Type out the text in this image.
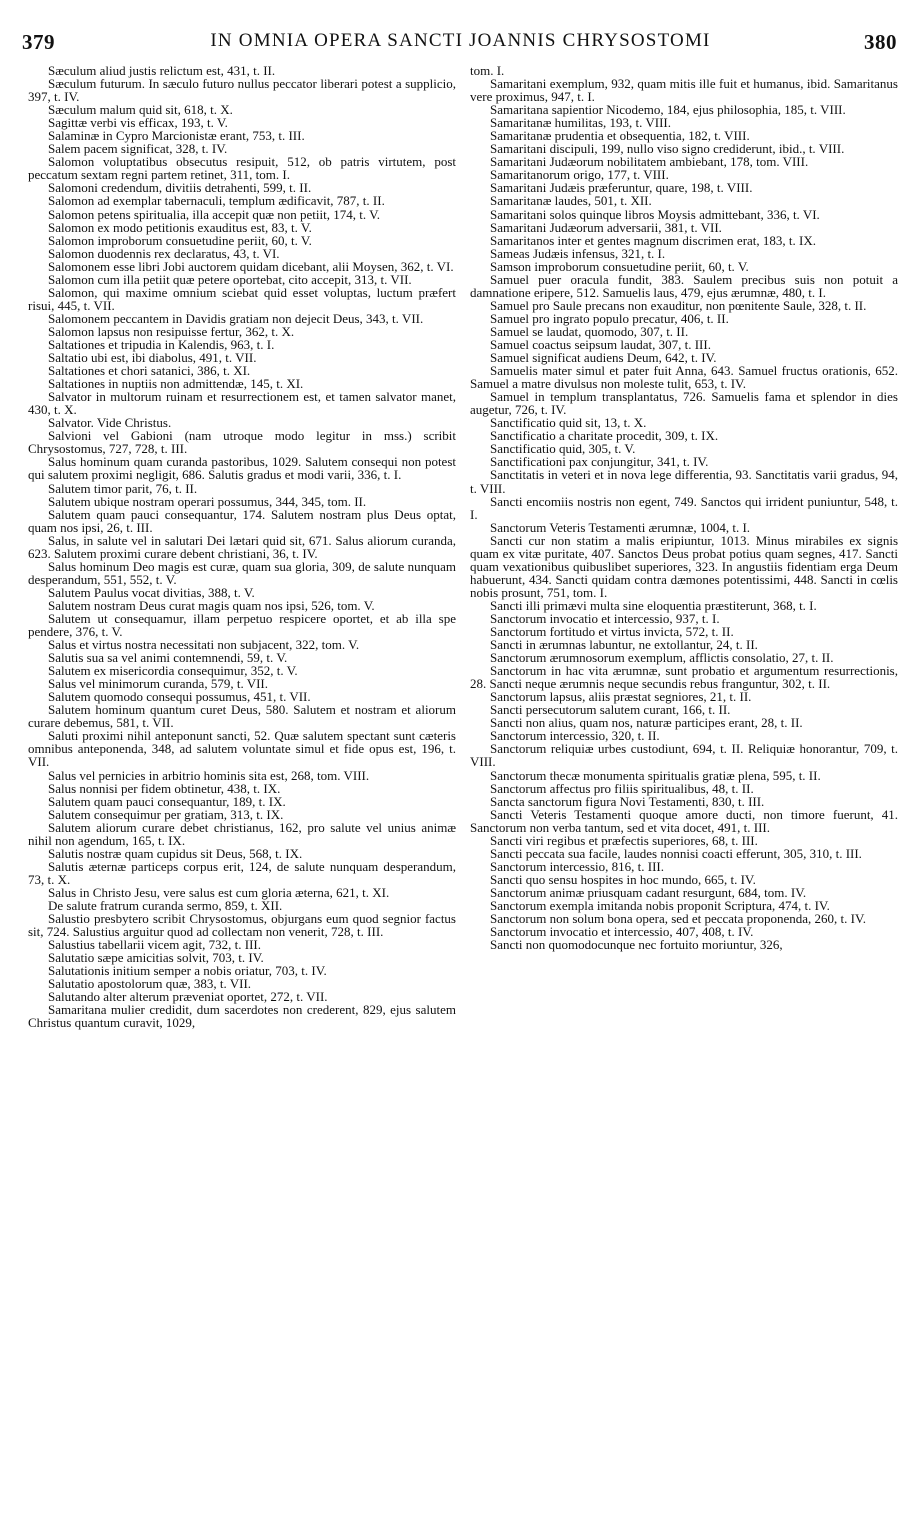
379	IN OMNIA OPERA SANCTI JOANNIS CHRYSOSTOMI	380

Sæculum aliud justis relictum est, 431, t. II.

Sæculum futurum. In sæculo futuro nullus peccator liberari potest a supplicio, 397, t. IV.

Sæculum malum quid sit, 618, t. X.

Sagittæ verbi vis efficax, 193, t. V.

Salaminæ in Cypro Marcionistæ erant, 753, t. III.

Salem pacem significat, 328, t. IV.

Salomon voluptatibus obsecutus resipuit, 512, ob patris virtutem, post peccatum sextam regni partem retinet, 311, tom. I.

Salomoni credendum, divitiis detrahenti, 599, t. II.

Salomon ad exemplar tabernaculi, templum ædificavit, 787, t. II.

Salomon petens spiritualia, illa accepit quæ non petiit, 174, t. V.

Salomon ex modo petitionis exauditus est, 83, t. V.

Salomon improborum consuetudine periit, 60, t. V.

Salomon duodennis rex declaratus, 43, t. VI.

Salomonem esse libri Jobi auctorem quidam dicebant, alii Moysen, 362, t. VI.

Salomon cum illa petiit quæ petere oportebat, cito accepit, 313, t. VII.

Salomon, qui maxime omnium sciebat quid esset voluptas, luctum præfert risui, 445, t. VII.

Salomonem peccantem in Davidis gratiam non dejecit Deus, 343, t. VII.

Salomon lapsus non resipuisse fertur, 362, t. X.

Saltationes et tripudia in Kalendis, 963, t. I.

Saltatio ubi est, ibi diabolus, 491, t. VII.

Saltationes et chori satanici, 386, t. XI.

Saltationes in nuptiis non admittendæ, 145, t. XI.

Salvator in multorum ruinam et resurrectionem est, et tamen salvator manet, 430, t. X.

Salvator. Vide Christus.

Salvioni vel Gabioni (nam utroque modo legitur in mss.) scribit Chrysostomus, 727, 728, t. III.

Salus hominum quam curanda pastoribus, 1029. Salutem consequi non potest qui salutem proximi negligit, 686. Salutis gradus et modi varii, 336, t. I.

Salutem timor parit, 76, t. II.

Salutem ubique nostram operari possumus, 344, 345, tom. II.

Salutem quam pauci consequantur, 174. Salutem nostram plus Deus optat, quam nos ipsi, 26, t. III.

Salus, in salute vel in salutari Dei lætari quid sit, 671. Salus aliorum curanda, 623. Salutem proximi curare debent christiani, 36, t. IV.

Salus hominum Deo magis est curæ, quam sua gloria, 309, de salute nunquam desperandum, 551, 552, t. V.

Salutem Paulus vocat divitias, 388, t. V.

Salutem nostram Deus curat magis quam nos ipsi, 526, tom. V.

Salutem ut consequamur, illam perpetuo respicere oportet, et ab illa spe pendere, 376, t. V.

Salus et virtus nostra necessitati non subjacent, 322, tom. V.

Salutis sua sa vel animi contemnendi, 59, t. V.

Salutem ex misericordia consequimur, 352, t. V.

Salus vel minimorum curanda, 579, t. VII.

Salutem quomodo consequi possumus, 451, t. VII.

Salutem hominum quantum curet Deus, 580. Salutem et nostram et aliorum curare debemus, 581, t. VII.

Saluti proximi nihil anteponunt sancti, 52. Quæ salutem spectant sunt cæteris omnibus anteponenda, 348, ad salutem voluntate simul et fide opus est, 196, t. VII.

Salus vel pernicies in arbitrio hominis sita est, 268, tom. VIII.

Salus nonnisi per fidem obtinetur, 438, t. IX.

Salutem quam pauci consequantur, 189, t. IX.

Salutem consequimur per gratiam, 313, t. IX.

Salutem aliorum curare debet christianus, 162, pro salute vel unius animæ nihil non agendum, 165, t. IX.

Salutis nostræ quam cupidus sit Deus, 568, t. IX.

Salutis æternæ particeps corpus erit, 124, de salute nunquam desperandum, 73, t. X.

Salus in Christo Jesu, vere salus est cum gloria æterna, 621, t. XI.

De salute fratrum curanda sermo, 859, t. XII.

Salustio presbytero scribit Chrysostomus, objurgans eum quod segnior factus sit, 724. Salustius arguitur quod ad collectam non venerit, 728, t. III.

Salustius tabellarii vicem agit, 732, t. III.

Salutatio sæpe amicitias solvit, 703, t. IV.

Salutationis initium semper a nobis oriatur, 703, t. IV.

Salutatio apostolorum quæ, 383, t. VII.

Salutando alter alterum præveniat oportet, 272, t. VII.

Samaritana mulier credidit, dum sacerdotes non crederent, 829, ejus salutem Christus quantum curavit, 1029,

tom. I.

Samaritani exemplum, 932, quam mitis ille fuit et humanus, ibid. Samaritanus vere proximus, 947, t. I.

Samaritana sapientior Nicodemo, 184, ejus philosophia, 185, t. VIII.

Samaritanæ humilitas, 193, t. VIII.

Samaritanæ prudentia et obsequentia, 182, t. VIII.

Samaritani discipuli, 199, nullo viso signo crediderunt, ibid., t. VIII.

Samaritani Judæorum nobilitatem ambiebant, 178, tom. VIII.

Samaritanorum origo, 177, t. VIII.

Samaritani Judæis præferuntur, quare, 198, t. VIII.

Samaritanæ laudes, 501, t. XII.

Samaritani solos quinque libros Moysis admittebant, 336, t. VI.

Samaritani Judæorum adversarii, 381, t. VII.

Samaritanos inter et gentes magnum discrimen erat, 183, t. IX.

Sameas Judæis infensus, 321, t. I.

Samson improborum consuetudine periit, 60, t. V.

Samuel puer oracula fundit, 383. Saulem precibus suis non potuit a damnatione eripere, 512. Samuelis laus, 479, ejus ærumnæ, 480, t. I.

Samuel pro Saule precans non exauditur, non pœnitente Saule, 328, t. II.

Samuel pro ingrato populo precatur, 406, t. II.

Samuel se laudat, quomodo, 307, t. II.

Samuel coactus seipsum laudat, 307, t. III.

Samuel significat audiens Deum, 642, t. IV.

Samuelis mater simul et pater fuit Anna, 643. Samuel fructus orationis, 652. Samuel a matre divulsus non moleste tulit, 653, t. IV.

Samuel in templum transplantatus, 726. Samuelis fama et splendor in dies augetur, 726, t. IV.

Sanctificatio quid sit, 13, t. X.

Sanctificatio a charitate procedit, 309, t. IX.

Sanctificatio quid, 305, t. V.

Sanctificationi pax conjungitur, 341, t. IV.

Sanctitatis in veteri et in nova lege differentia, 93. Sanctitatis varii gradus, 94, t. VIII.

Sancti encomiis nostris non egent, 749. Sanctos qui irrident puniuntur, 548, t. I.

Sanctorum Veteris Testamenti ærumnæ, 1004, t. I.

Sancti cur non statim a malis eripiuntur, 1013. Minus mirabiles ex signis quam ex vitæ puritate, 407. Sanctos Deus probat potius quam segnes, 417. Sancti quam vexationibus quibuslibet superiores, 323. In angustiis fidentiam erga Deum habuerunt, 434. Sancti quidam contra dæmones potentissimi, 448. Sancti in cœlis nobis prosunt, 751, tom. I.

Sancti illi primævi multa sine eloquentia præstiterunt, 368, t. I.

Sanctorum invocatio et intercessio, 937, t. I.

Sanctorum fortitudo et virtus invicta, 572, t. II.

Sancti in ærumnas labuntur, ne extollantur, 24, t. II.

Sanctorum ærumnosorum exemplum, afflictis consolatio, 27, t. II.

Sanctorum in hac vita ærumnæ, sunt probatio et argumentum resurrectionis, 28. Sancti neque ærumnis neque secundis rebus franguntur, 302, t. II.

Sanctorum lapsus, aliis præstat segniores, 21, t. II.

Sancti persecutorum salutem curant, 166, t. II.

Sancti non alius, quam nos, naturæ participes erant, 28, t. II.

Sanctorum intercessio, 320, t. II.

Sanctorum reliquiæ urbes custodiunt, 694, t. II. Reliquiæ honorantur, 709, t. VIII.

Sanctorum thecæ monumenta spiritualis gratiæ plena, 595, t. II.

Sanctorum affectus pro filiis spiritualibus, 48, t. II.

Sancta sanctorum figura Novi Testamenti, 830, t. III.

Sancti Veteris Testamenti quoque amore ducti, non timore fuerunt, 41. Sanctorum non verba tantum, sed et vita docet, 491, t. III.

Sancti viri regibus et præfectis superiores, 68, t. III.

Sancti peccata sua facile, laudes nonnisi coacti efferunt, 305, 310, t. III.

Sanctorum intercessio, 816, t. III.

Sancti quo sensu hospites in hoc mundo, 665, t. IV.

Sanctorum animæ priusquam cadant resurgunt, 684, tom. IV.

Sanctorum exempla imitanda nobis proponit Scriptura, 474, t. IV.

Sanctorum non solum bona opera, sed et peccata proponenda, 260, t. IV.

Sanctorum invocatio et intercessio, 407, 408, t. IV.

Sancti non quomodocunque nec fortuito moriuntur, 326,
